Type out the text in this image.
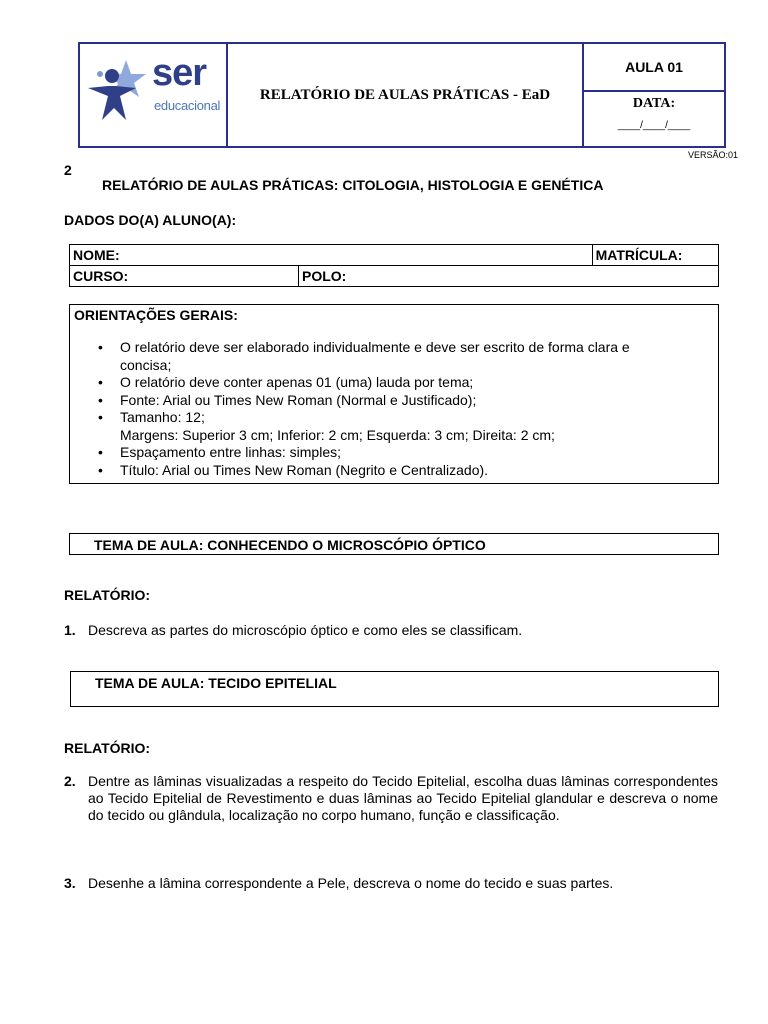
ser
educacional
RELATÓRIO DE AULAS PRÁTICAS - EaD
AULA 01
DATA:
____/____/____
VERSÃO:01
2
RELATÓRIO DE AULAS PRÁTICAS: CITOLOGIA, HISTOLOGIA E GENÉTICA
DADOS DO(A) ALUNO(A):
NOME:		MATRÍCULA:
CURSO:	POLO:	
ORIENTAÇÕES GERAIS:
• O relatório deve ser elaborado individualmente e deve ser escrito de forma clara e concisa;
• O relatório deve conter apenas 01 (uma) lauda por tema;
• Fonte: Arial ou Times New Roman (Normal e Justificado);
• Tamanho: 12;
Margens: Superior 3 cm; Inferior: 2 cm; Esquerda: 3 cm; Direita: 2 cm;
• Espaçamento entre linhas: simples;
• Título: Arial ou Times New Roman (Negrito e Centralizado).
TEMA DE AULA: CONHECENDO O MICROSCÓPIO ÓPTICO
RELATÓRIO:
1. Descreva as partes do microscópio óptico e como eles se classificam.
TEMA DE AULA: TECIDO EPITELIAL
RELATÓRIO:
2. Dentre as lâminas visualizadas a respeito do Tecido Epitelial, escolha duas lâminas correspondentes ao Tecido Epitelial de Revestimento e duas lâminas ao Tecido Epitelial glandular e descreva o nome do tecido ou glândula, localização no corpo humano, função e classificação.
3. Desenhe a lâmina correspondente a Pele, descreva o nome do tecido e suas partes.
